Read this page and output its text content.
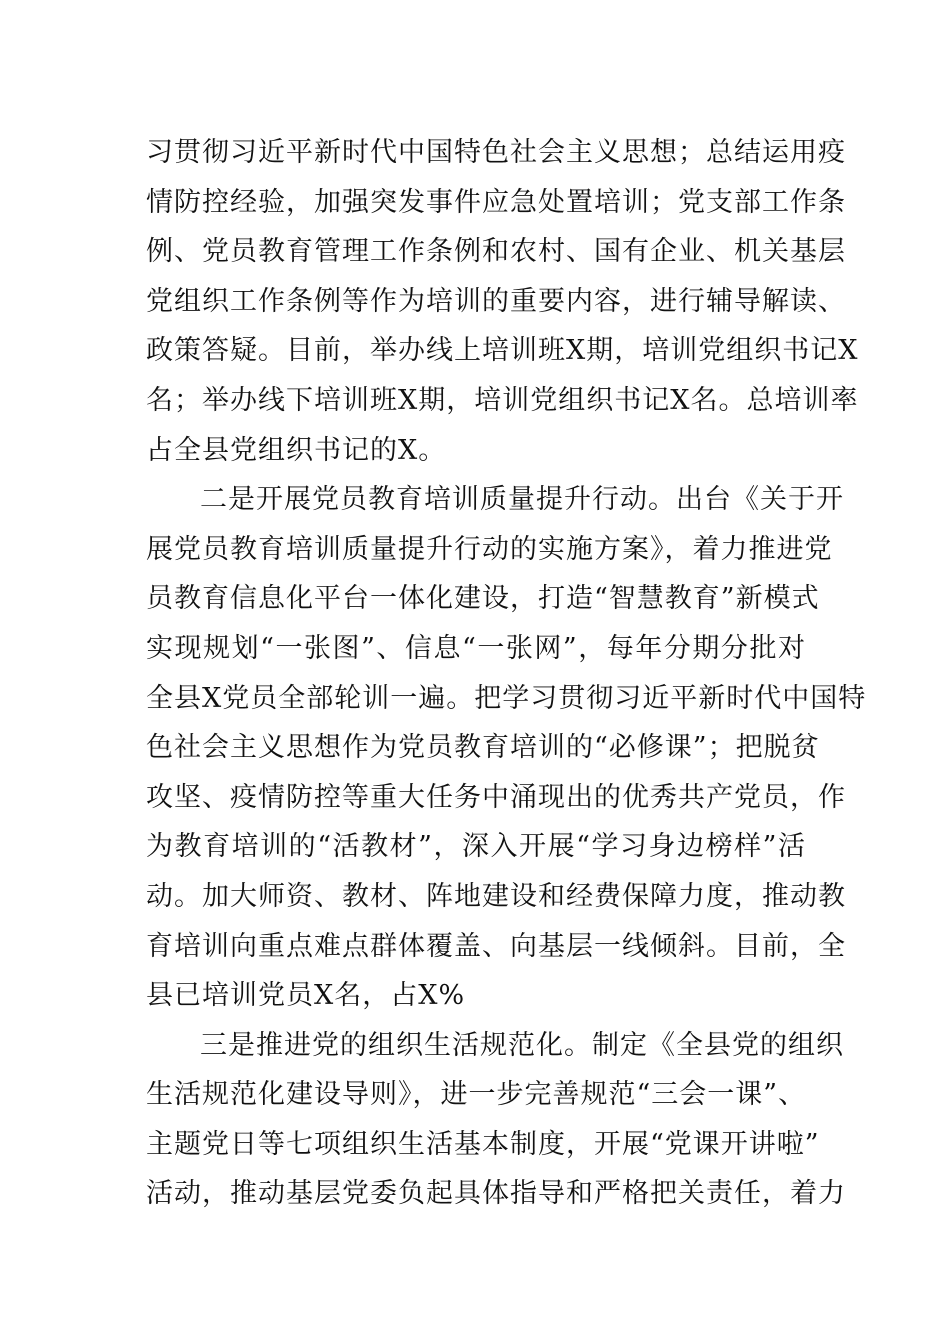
习贯彻习近平新时代中国特色社会主义思想；总结运用疫
情防控经验，加强突发事件应急处置培训；党支部工作条
例、党员教育管理工作条例和农村、国有企业、机关基层
党组织工作条例等作为培训的重要内容，进行辅导解读、
政策答疑。目前，举办线上培训班X期，培训党组织书记X
名；举办线下培训班X期，培训党组织书记X名。总培训率
占全县党组织书记的X。
二是开展党员教育培训质量提升行动。出台《关于开
展党员教育培训质量提升行动的实施方案》，着力推进党
员教育信息化平台一体化建设，打造“智慧教育”新模式
实现规划“一张图”、信息“一张网”，每年分期分批对
全县X党员全部轮训一遍。把学习贯彻习近平新时代中国特
色社会主义思想作为党员教育培训的“必修课”；把脱贫
攻坚、疫情防控等重大任务中涌现出的优秀共产党员，作
为教育培训的“活教材”，深入开展“学习身边榜样”活
动。加大师资、教材、阵地建设和经费保障力度，推动教
育培训向重点难点群体覆盖、向基层一线倾斜。目前，全
县已培训党员X名，占X%
三是推进党的组织生活规范化。制定《全县党的组织
生活规范化建设导则》，进一步完善规范“三会一课”、
主题党日等七项组织生活基本制度，开展“党课开讲啦”
活动，推动基层党委负起具体指导和严格把关责任，着力
